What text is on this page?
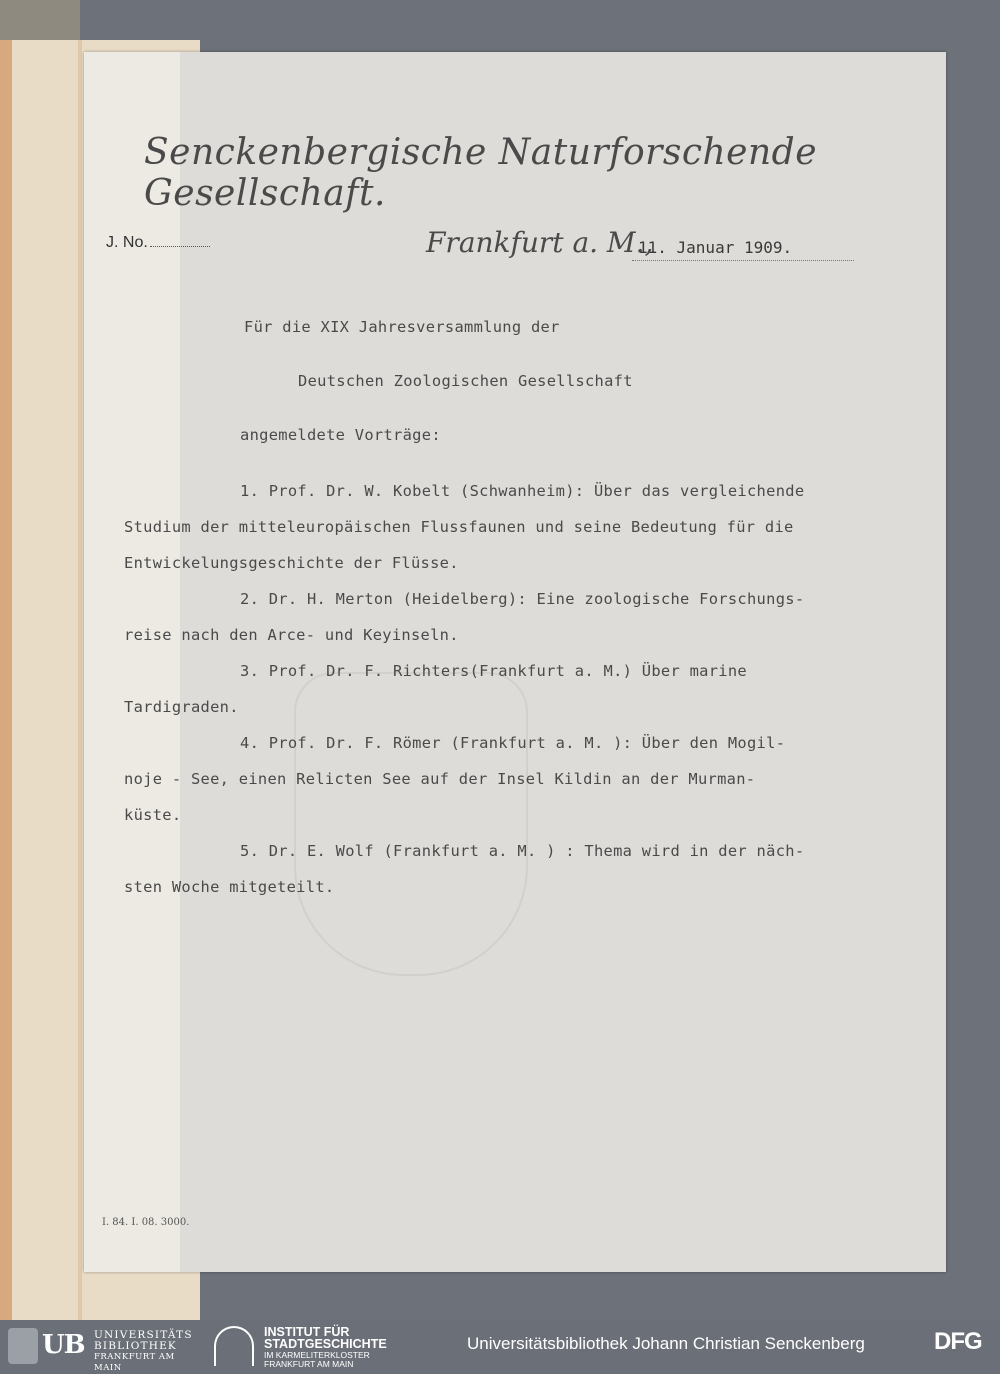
Senckenbergische Naturforschende Gesellschaft.
J. No.	Frankfurt a. M.,
11. Januar 1909.
Für die XIX Jahresversammlung der
Deutschen Zoologischen Gesellschaft
angemeldete Vorträge:
1. Prof. Dr. W. Kobelt (Schwanheim): Über das vergleichende
Studium der mitteleuropäischen Flussfaunen und seine Bedeutung für die
Entwickelungsgeschichte der Flüsse.
2. Dr. H. Merton (Heidelberg): Eine zoologische Forschungs-
reise nach den Arce- und Keyinseln.
3. Prof. Dr. F. Richters(Frankfurt a. M.) Über marine
Tardigraden.
4. Prof. Dr. F. Römer (Frankfurt a. M. ): Über den Mogil-
noje - See, einen Relicten See auf der Insel Kildin an der Murman-
küste.
5. Dr. E. Wolf (Frankfurt a. M. ) : Thema wird in der näch-
sten Woche mitgeteilt.
I. 84. I. 08. 3000.
UB UNIVERSITÄTS
BIBLIOTHEK
FRANKFURT AM MAIN
INSTITUT FÜR
STADTGESCHICHTE
IM KARMELITERKLOSTER
FRANKFURT AM MAIN
Universitätsbibliothek Johann Christian Senckenberg	DFG
